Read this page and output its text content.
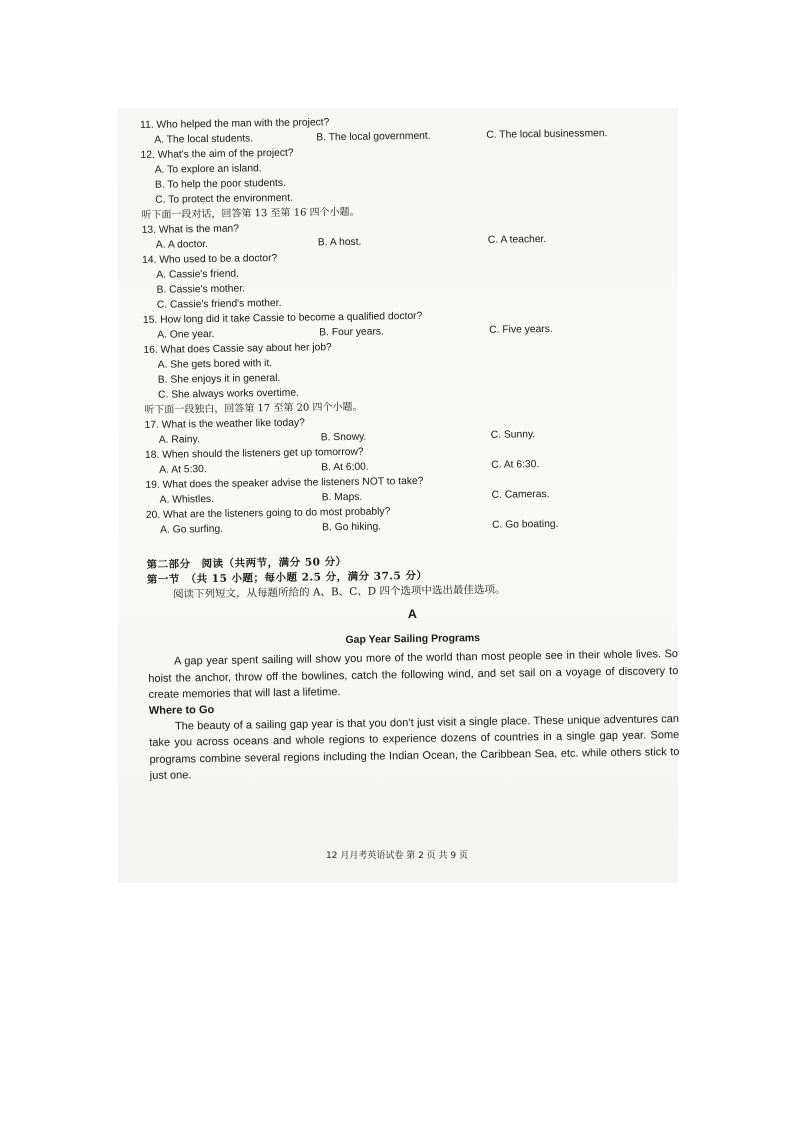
11. Who helped the man with the project?

A. The local students.	B. The local government.	C. The local businessmen.

12. What's the aim of the project?

A. To explore an island.

B. To help the poor students.

C. To protect the environment.

听下面一段对话，回答第 13 至第 16 四个小题。

13. What is the man?

A. A doctor.	B. A host.	C. A teacher.

14. Who used to be a doctor?

A. Cassie's friend.

B. Cassie's mother.

C. Cassie's friend's mother.

15. How long did it take Cassie to become a qualified doctor?

A. One year.	B. Four years.	C. Five years.

16. What does Cassie say about her job?

A. She gets bored with it.

B. She enjoys it in general.

C. She always works overtime.

听下面一段独白，回答第 17 至第 20 四个小题。

17. What is the weather like today?

A. Rainy.	B. Snowy.	C. Sunny.

18. When should the listeners get up tomorrow?

A. At 5:30.	B. At 6:00.	C. At 6:30.

19. What does the speaker advise the listeners NOT to take?

A. Whistles.	B. Maps.	C. Cameras.

20. What are the listeners going to do most probably?

A. Go surfing.	B. Go hiking.	C. Go boating.

第二部分　阅读（共两节，满分 50 分）

第一节　（共 15 小题；每小题 2.5 分，满分 37.5 分）

阅读下列短文，从每题所给的 A、B、C、D 四个选项中选出最佳选项。

A

Gap Year Sailing Programs

A gap year spent sailing will show you more of the world than most people see in their whole lives. So hoist the anchor, throw off the bowlines, catch the following wind, and set sail on a voyage of discovery to create memories that will last a lifetime.

Where to Go

The beauty of a sailing gap year is that you don’t just visit a single place. These unique adventures can take you across oceans and whole regions to experience dozens of countries in a single gap year. Some programs combine several regions including the Indian Ocean, the Caribbean Sea, etc. while others stick to just one.

12 月月考英语试卷 第 2 页 共 9 页
